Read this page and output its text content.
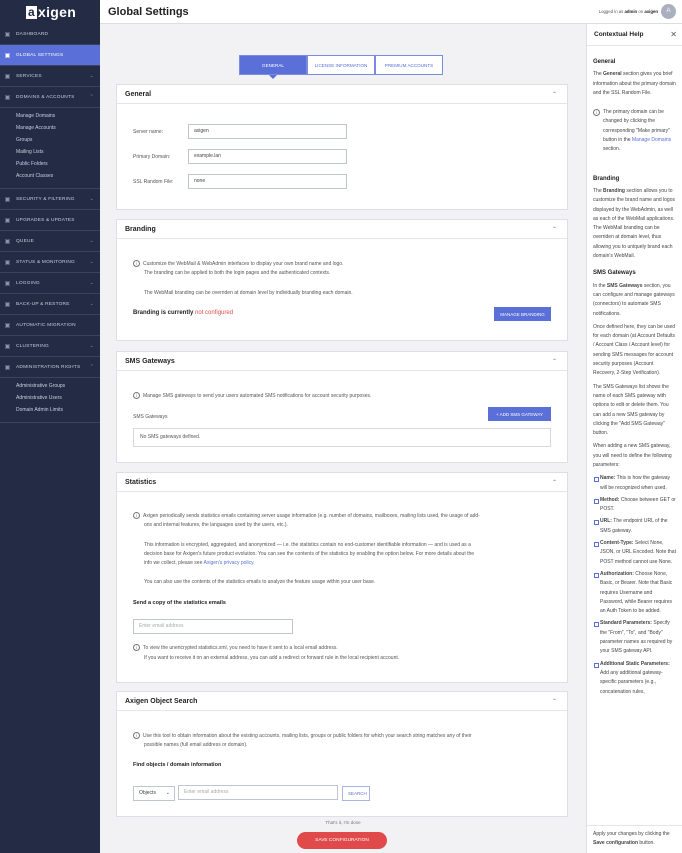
a xigen
▣ DASHBOARD
▣ GLOBAL SETTINGS
▣ SERVICES	⌄
▣ DOMAINS & ACCOUNTS	⌃
Manage Domains
Manage Accounts
Groups
Mailing Lists
Public Folders
Account Classes
▣ SECURITY & FILTERING	⌄
▣ UPGRADES & UPDATES
▣ QUEUE	⌄
▣ STATUS & MONITORING	⌄
▣ LOGGING	⌄
▣ BACK-UP & RESTORE	⌄
▣ AUTOMATIC MIGRATION
▣ CLUSTERING	⌄
▣ ADMINISTRATION RIGHTS ⌃
Administrative Groups
Administrative Users
Domain Admin Limits
Global Settings	Logged in as admin on axigen	A
GENERAL	LICENSE INFORMATION	PREMIUM ACCOUNTS
General	⌃
Server name:	axigen
Primary Domain:	example.lan
SSL Random File:	none
Branding	⌃
i Customize the WebMail & WebAdmin interfaces to display your own brand name and logo.
The branding can be applied to both the login pages and the authenticated contexts.
The WebMail branding can be overriden at domain level by individually branding each domain.
Branding is currently not configured	MANAGE BRANDING
SMS Gateways	⌃
i Manage SMS gateways to send your users automated SMS notifications for account security purposes.
SMS Gateways	+ ADD SMS GATEWAY
No SMS gateways defined.
Statistics	⌃
i Axigen periodically sends statistics emails containing server usage information (e.g. number of domains, mailboxes, mailing lists used, the usage of add-
ons and internal features, the languages used by the users, etc.).
This information is encrypted, aggregated, and anonymized — i.e. the statistics contain no end-customer identifiable information — and is used as a
decision base for Axigen's future product evolution. You can see the contents of the statistics by enabling the option below. For more details about the
info we collect, please see Axigen's privacy policy.
You can also use the contents of the statistics emails to analyze the feature usage within your user base.
Send a copy of the statistics emails
Enter email address
i To view the unencrypted statistics.xml, you need to have it sent to a local email address.
If you want to receive it on an external address, you can add a redirect or forward rule in the local recipient account.
Axigen Object Search	⌃
i Use this tool to obtain information about the existing accounts, mailing lists, groups or public folders for which your search string matches any of their
possible names (full email address or domain).
Find objects / domain information
Objects ⌄	Enter email address	SEARCH
That's it, I'm done
SAVE CONFIGURATION
Contextual Help	✕
General

The General section gives you brief information about the primary domain and the SSL Random File.

i	The primary domain can be changed by clicking the corresponding "Make primary" button in the Manage Domains section.

Branding

The Branding section allows you to customize the brand name and logos displayed by the WebAdmin, as well as each of the WebMail applications. The WebMail branding can be overriden at domain level, thus allowing you to uniquely brand each domain's WebMail.

SMS Gateways

In the SMS Gateways section, you can configure and manage gateways (connectors) to automate SMS notifications.

Once defined here, they can be used for each domain (at Account Defaults / Account Class / Account level) for sending SMS messages for account security purposes (Account Recovery, 2-Step Verification).

The SMS Gateways list shows the name of each SMS gateway with options to edit or delete them. You can add a new SMS gateway by clicking the "Add SMS Gateway" button.

When adding a new SMS gateway, you will need to define the following parameters:

Name: This is how the gateway will be recognized when used.
Method: Choose between GET or POST.
URL: The endpoint URL of the SMS gateway.
Content-Type: Select None, JSON, or URL Encoded. Note that POST method cannot use None.
Authorization: Choose None, Basic, or Bearer. Note that Basic requires Username and Password, while Bearer requires an Auth Token to be added.
Standard Parameters: Specify the "From", "To", and "Body" parameter names as required by your SMS gateway API.
Additional Static Parameters: Add any additional gateway-specific parameters (e.g., concatenation rules,
Apply your changes by clicking the Save configuration button.
